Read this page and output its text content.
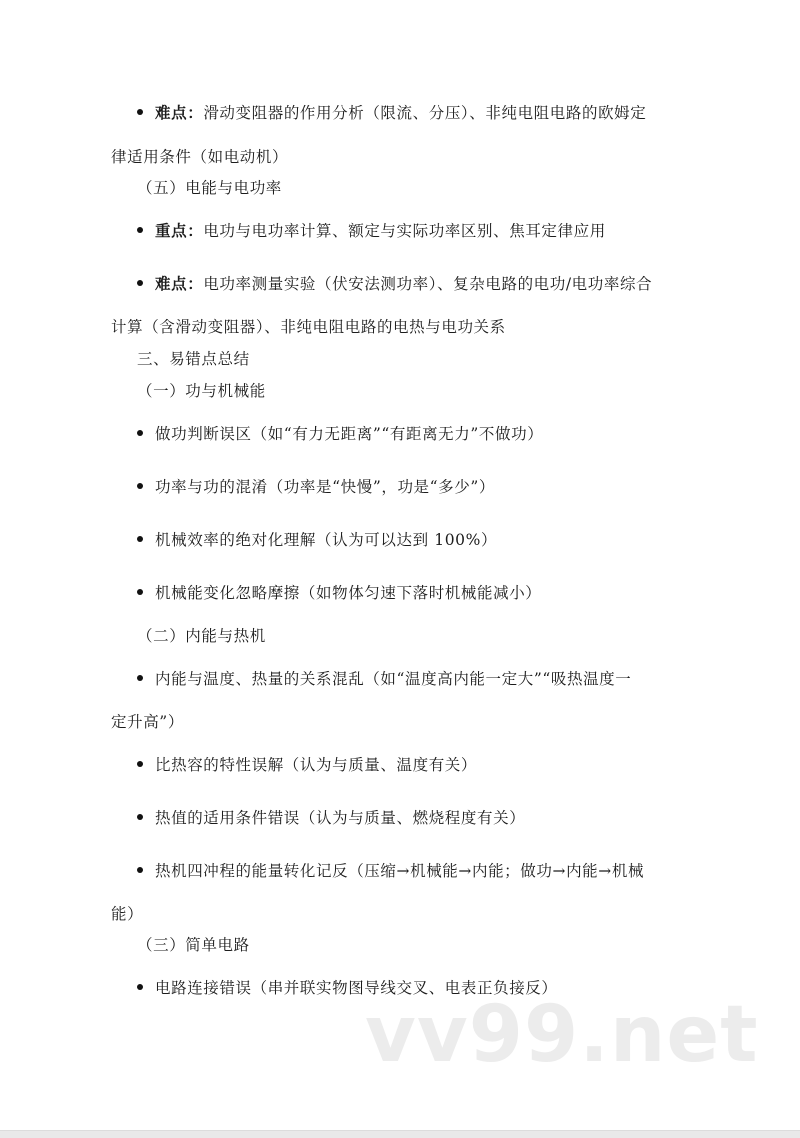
难点：滑动变阻器的作用分析（限流、分压）、非纯电阻电路的欧姆定
律适用条件（如电动机）
（五）电能与电功率
重点：电功与电功率计算、额定与实际功率区别、焦耳定律应用
难点：电功率测量实验（伏安法测功率）、复杂电路的电功/电功率综合
计算（含滑动变阻器）、非纯电阻电路的电热与电功关系
三、易错点总结
（一）功与机械能
做功判断误区（如“有力无距离”“有距离无力”不做功）
功率与功的混淆（功率是“快慢”，功是“多少”）
机械效率的绝对化理解（认为可以达到 100%）
机械能变化忽略摩擦（如物体匀速下落时机械能减小）
（二）内能与热机
内能与温度、热量的关系混乱（如“温度高内能一定大”“吸热温度一
定升高”）
比热容的特性误解（认为与质量、温度有关）
热值的适用条件错误（认为与质量、燃烧程度有关）
热机四冲程的能量转化记反（压缩→机械能→内能；做功→内能→机械
能）
（三）简单电路
电路连接错误（串并联实物图导线交叉、电表正负接反）
vv99.net
